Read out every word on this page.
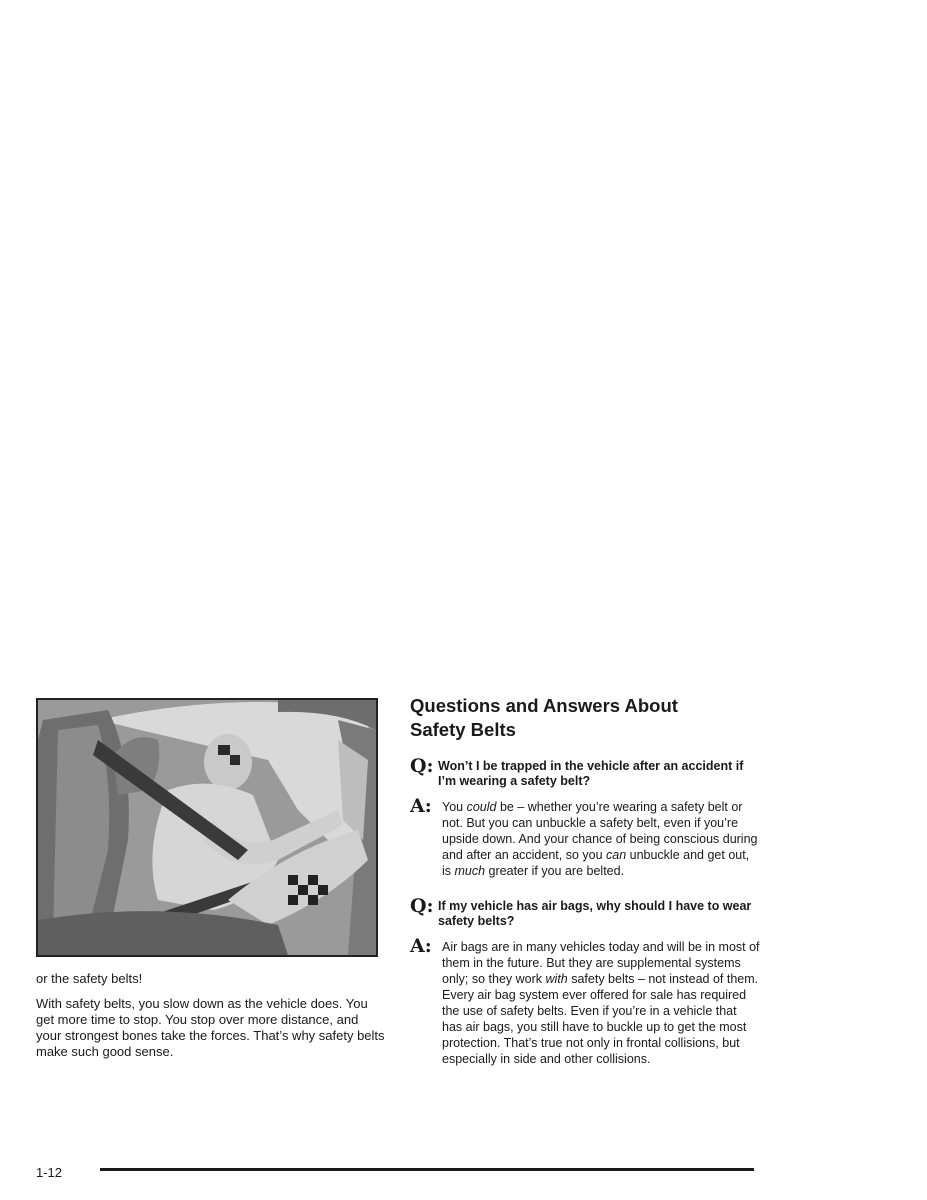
or the safety belts!

With safety belts, you slow down as the vehicle does. You get more time to stop. You stop over more distance, and your strongest bones take the forces. That’s why safety belts make such good sense.

Questions and Answers About
Safety Belts
Q: Won’t I be trapped in the vehicle after an accident if I’m wearing a safety belt?
A: You could be – whether you’re wearing a safety belt or not. But you can unbuckle a safety belt, even if you’re upside down. And your chance of being conscious during and after an accident, so you can unbuckle and get out, is much greater if you are belted.
Q: If my vehicle has air bags, why should I have to wear safety belts?
A: Air bags are in many vehicles today and will be in most of them in the future. But they are supplemental systems only; so they work with safety belts – not instead of them. Every air bag system ever offered for sale has required the use of safety belts. Even if you’re in a vehicle that has air bags, you still have to buckle up to get the most protection. That’s true not only in frontal collisions, but especially in side and other collisions.
1-12
